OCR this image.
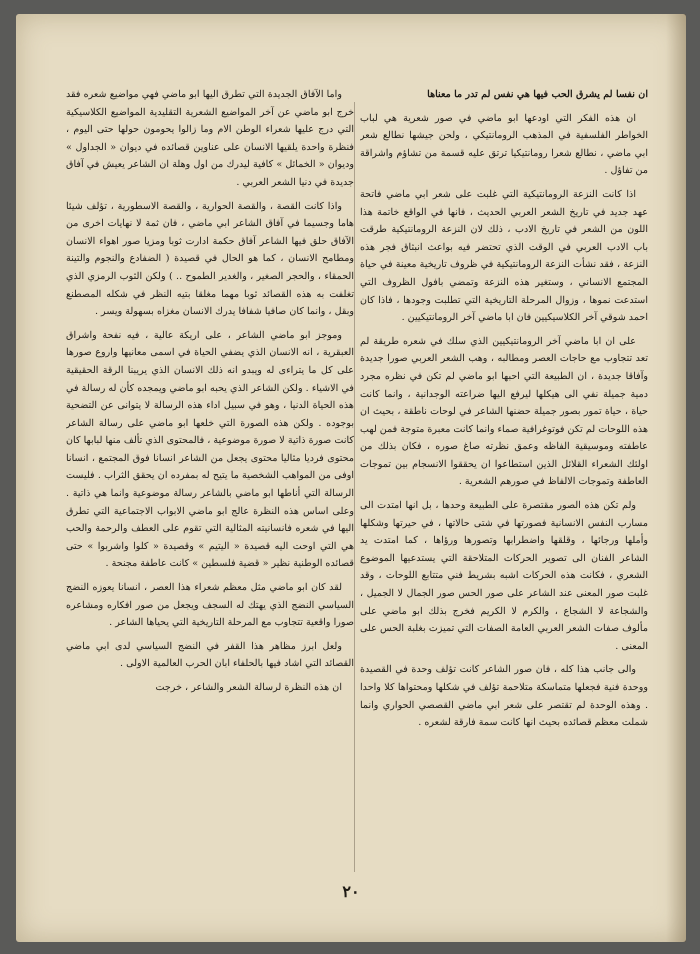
ان نفسا لم يشرق الحب فيها هي نفس لم تدر ما معناها

ان هذه الفكر التي اودعها ابو ماضي في صور شعرية هي لباب الخواطر الفلسفية في المذهب الرومانتيكي ، ولحن جيشها نطالع شعر ابي ماضي ، نطالع شعرا رومانتيكيا ترتق عليه قسمة من تشاؤم واشراقة من تفاؤل .

اذا كانت النزعة الرومانتيكية التي غلبت على شعر ابي ماضي فاتحة عهد جديد في تاريخ الشعر العربي الحديث ، فانها في الواقع خاتمة هذا اللون من الشعر في تاريخ الادب ، ذلك لان النزعة الرومانتيكية طرقت باب الادب العربي في الوقت الذي تحتضر فيه بواعث انبثاق فجر هذه النزعة ، فقد نشأت النزعة الرومانتيكية في ظروف تاريخية معينة في حياة المجتمع الانساني ، وستغير هذه النزعة وتمضي بافول الظروف التي استدعت نموها ، وزوال المرحلة التاريخية التي تطلبت وجودها ، فاذا كان احمد شوقي آخر الكلاسيكيين فان ابا ماضي آخر الرومانتيكيين .

على ان ابا ماضي آخر الرومانتيكيين الذي سلك في شعره طريقة لم تعد تتجاوب مع حاجات العصر ومطالبه ، وهب الشعر العربي صورا جديدة وآفاقا جديدة ، ان الطبيعة التي احبها ابو ماضي لم تكن في نظره مجرد دمية جميلة نفي الى هيكلها ليرفع اليها ضراعته الوجدانية ، وانما كانت حياة ، حياة تمور بصور جميلة حضنها الشاعر في لوحات ناطقة ، بحيث ان هذه اللوحات لم تكن فوتوغرافية صماء وانما كانت معبرة متوجة فمن لهب عاطفته وموسيقية الفاظه وعمق نظرته صاغ صوره ، فكان بذلك من اولئك الشعراء القلائل الذين استطاعوا ان يحققوا الانسجام بين تموجات العاطفة وتموجات الالفاظ في صورهم الشعرية .

ولم تكن هذه الصور مقتصرة على الطبيعة وحدها ، بل انها امتدت الى مسارب النفس الانسانية فصورتها في شتى حالاتها ، في حيرتها وشكلها وأملها ورجائها ، وقلقها واضطرابها وتصورها ورؤاها ، كما امتدت يد الشاعر الفنان الى تصوير الحركات المتلاحقة التي يستدعيها الموضوع الشعري ، فكانت هذه الحركات اشبه بشريط فني متتابع اللوحات ، وقد غلبت صور المعنى عند الشاعر على صور الحس صور الجمال لا الجميل ، والشجاعة لا الشجاع ، والكرم لا الكريم فخرج بذلك ابو ماضي على مألوف صفات الشعر العربي العامة الصفات التي تميزت بغلبة الحس على المعنى .

والى جانب هذا كله ، فان صور الشاعر كانت تؤلف وحدة في القصيدة ووحدة فنية فجعلها متماسكة متلاحمة تؤلف في شكلها ومحتواها كلا واحدا . وهذه الوحدة لم تقتصر على شعر ابي ماضي القصصي الحواري وانما شملت معظم قصائده بحيث انها كانت سمة فارقة لشعره .

واما الآفاق الجديدة التي تطرق اليها ابو ماضي فهي مواضيع شعره فقد خرج ابو ماضي عن آخر المواضيع الشعرية التقليدية المواضيع الكلاسيكية التي درج عليها شعراء الوطن الام وما زالوا يحومون حولها حتى اليوم ، فنظرة واحدة يلقيها الانسان على عناوين قصائده في ديوان « الجداول » وديوان « الخمائل » كافية ليدرك من اول وهلة ان الشاعر يعيش في آفاق جديدة في دنيا الشعر العربي .

واذا كانت القصة ، والقصة الحوارية ، والقصة الاسطورية ، تؤلف شيئا هاما وجسيما في آفاق الشاعر ابي ماضي ، فان ثمة لا نهايات اخرى من الآفاق حلق فيها الشاعر آفاق حكمة ادارت ثوبا ومزيا صور اهواء الانسان ومطامح الانسان ، كما هو الحال في قصيدة ( الضفادع والنجوم والتينة الحمقاء ، والحجر الصغير ، والغدير الطموح .. ) ولكن الثوب الرمزي الذي تغلفت به هذه القصائد ثوبا مهما مغلقا بتيه النظر في شكله المصطنع وبقل ، وانما كان صافيا شفافا يدرك الانسان مغزاه بسهولة ويسر .

وموجز ابو ماضي الشاعر ، على اريكة عالية ، فيه نفحة واشراق العبقرية ، انه الانسان الذي يضفي الحياة في اسمى معانيها واروع صورها على كل ما يتراءى له ويبدو انه ذلك الانسان الذي يريبنا الرقة الحقيقية في الاشياء . ولكن الشاعر الذي يحبه ابو ماضي ويمجده كأن له رسالة في هذه الحياة الدنيا ، وهو في سبيل اداء هذه الرسالة لا يتوانى عن التضحية بوجوده . ولكن هذه الصورة التي خلعها ابو ماضي على رسالة الشاعر كانت صورة ذاتية لا صورة موضوعية ، فالمحتوى الذي تألف منها لبابها كان محتوى فرديا مثاليا محتوى يجعل من الشاعر انسانا فوق المجتمع ، انسانا اوفى من المواهب الشخصية ما يتيح له بمفرده ان يحقق الثراب . فليست الرسالة التي أناطها ابو ماضي بالشاعر رسالة موضوعية وانما هي ذاتية . وعلى اساس هذه النظرة عالج ابو ماضي الابواب الاجتماعية التي تطرق اليها في شعره فانسانيته المثالية التي تقوم على العطف والرحمة والحب هي التي اوحت اليه قصيدة « اليتيم » وقصيدة « كلوا واشربوا » حتى قصائده الوطنية نظير « قضية فلسطين » كانت عاطفة مجنحة .

لقد كان ابو ماضي مثل معظم شعراء هذا العصر ، انسانا يعوزه النضج السياسي النضج الذي يهتك له السجف ويجعل من صور افكاره ومشاعره صورا واقعية تتجاوب مع المرحلة التاريخية التي يحياها الشاعر .

ولعل ابرز مظاهر هذا القفر في النضج السياسي لدى ابي ماضي القصائد التي اشاد فيها بالحلفاء ابان الحرب العالمية الاولى .

ان هذه النظرة لرسالة الشعر والشاعر ، خرجت

٢٠
